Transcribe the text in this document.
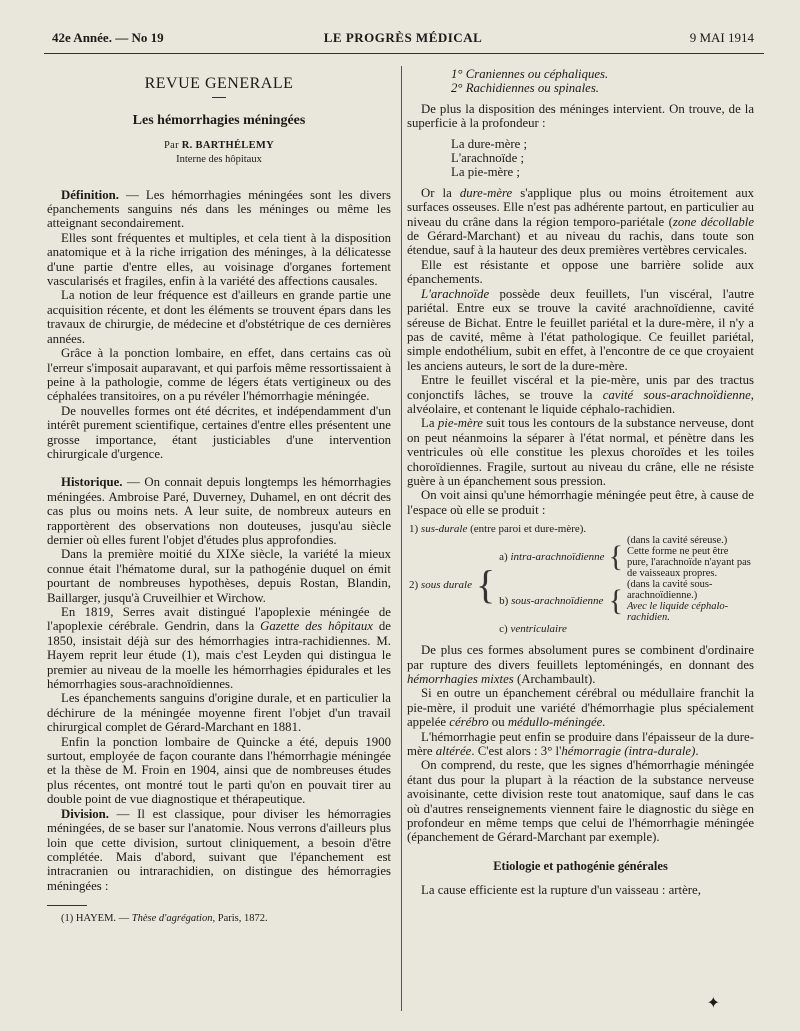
42e Année. — No 19	LE PROGRÈS MÉDICAL	9 MAI 1914
REVUE GENERALE
Les hémorrhagies méningées
Par R. BARTHÉLEMY
Interne des hôpitaux

Définition. — Les hémorrhagies méningées sont les divers épanchements sanguins nés dans les méninges ou même les atteignant secondairement.

Elles sont fréquentes et multiples, et cela tient à la disposition anatomique et à la riche irrigation des méninges, à la délicatesse d'une partie d'entre elles, au voisinage d'organes fortement vascularisés et fragiles, enfin à la variété des affections causales.

La notion de leur fréquence est d'ailleurs en grande partie une acquisition récente, et dont les éléments se trouvent épars dans les travaux de chirurgie, de médecine et d'obstétrique de ces dernières années.

Grâce à la ponction lombaire, en effet, dans certains cas où l'erreur s'imposait auparavant, et qui parfois même ressortissaient à peine à la pathologie, comme de légers états vertigineux ou des céphalées transitoires, on a pu révéler l'hémorrhagie méningée.

De nouvelles formes ont été décrites, et indépendamment d'un intérêt purement scientifique, certaines d'entre elles présentent une grosse importance, étant justiciables d'une intervention chirurgicale d'urgence.

Historique. — On connait depuis longtemps les hémorrhagies méningées. Ambroise Paré, Duverney, Duhamel, en ont décrit des cas plus ou moins nets. A leur suite, de nombreux auteurs en rapportèrent des observations non douteuses, jusqu'au siècle dernier où elles furent l'objet d'études plus approfondies.

Dans la première moitié du XIXe siècle, la variété la mieux connue était l'hématome dural, sur la pathogénie duquel on émit pourtant de nombreuses hypothèses, depuis Rostan, Blandin, Baillarger, jusqu'à Cruveilhier et Wirchow.

En 1819, Serres avait distingué l'apoplexie méningée de l'apoplexie cérébrale. Gendrin, dans la Gazette des hôpitaux de 1850, insistait déjà sur des hémorrhagies intra-rachidiennes. M. Hayem reprit leur étude (1), mais c'est Leyden qui distingua le premier au niveau de la moelle les hémorrhagies épidurales et les hémorrhagies sous-arachnoïdiennes.

Les épanchements sanguins d'origine durale, et en particulier la déchirure de la méningée moyenne firent l'objet d'un travail chirurgical complet de Gérard-Marchant en 1881.

Enfin la ponction lombaire de Quincke a été, depuis 1900 surtout, employée de façon courante dans l'hémorrhagie méningée et la thèse de M. Froin en 1904, ainsi que de nombreuses études plus récentes, ont montré tout le parti qu'on en pouvait tirer au double point de vue diagnostique et thérapeutique.

Division. — Il est classique, pour diviser les hémorragies méningées, de se baser sur l'anatomie. Nous verrons d'ailleurs plus loin que cette division, surtout cliniquement, a besoin d'être complétée. Mais d'abord, suivant que l'épanchement est intracranien ou intrarachidien, on distingue des hémorragies méningées :

(1) HAYEM. — Thèse d'agrégation, Paris, 1872.

1° Craniennes ou céphaliques.
2° Rachidiennes ou spinales.

De plus la disposition des méninges intervient. On trouve, de la superficie à la profondeur :

La dure-mère ;
L'arachnoïde ;
La pie-mère ;

Or la dure-mère s'applique plus ou moins étroitement aux surfaces osseuses. Elle n'est pas adhérente partout, en particulier au niveau du crâne dans la région temporo-pariétale (zone décollable de Gérard-Marchant) et au niveau du rachis, dans toute son étendue, sauf à la hauteur des deux premières vertèbres cervicales.

Elle est résistante et oppose une barrière solide aux épanchements.

L'arachnoïde possède deux feuillets, l'un viscéral, l'autre pariétal. Entre eux se trouve la cavité arachnoïdienne, cavité séreuse de Bichat. Entre le feuillet pariétal et la dure-mère, il n'y a pas de cavité, même à l'état pathologique. Ce feuillet pariétal, simple endothélium, subit en effet, à l'encontre de ce que croyaient les anciens auteurs, le sort de la dure-mère.

Entre le feuillet viscéral et la pie-mère, unis par des tractus conjonctifs lâches, se trouve la cavité sous-arachnoïdienne, alvéolaire, et contenant le liquide céphalo-rachidien.

La pie-mère suit tous les contours de la substance nerveuse, dont on peut néanmoins la séparer à l'état normal, et pénètre dans les ventricules où elle constitue les plexus choroïdes et les toiles choroïdiennes. Fragile, surtout au niveau du crâne, elle ne résiste guère à un épanchement sous pression.

On voit ainsi qu'une hémorrhagie méningée peut être, à cause de l'espace où elle se produit :

1) sus-durale (entre paroi et dure-mère).				
2) sous durale	{	a) intra-arachnoïdienne	{	(dans la cavité séreuse.)
Cette forme ne peut être pure, l'arachnoïde n'ayant pas de vaisseaux propres.
		b) sous-arachnoïdienne	{	(dans la cavité sous-arachnoïdienne.)
Avec le liquide céphalo-rachidien.
		c) ventriculaire		

De plus ces formes absolument pures se combinent d'ordinaire par rupture des divers feuillets leptoméningés, en donnant des hémorrhagies mixtes (Archambault).

Si en outre un épanchement cérébral ou médullaire franchit la pie-mère, il produit une variété d'hémorrhagie plus spécialement appelée cérébro ou médullo-méningée.

L'hémorrhagie peut enfin se produire dans l'épaisseur de la dure-mère altérée. C'est alors : 3° l'hémorragie (intra-durale).

On comprend, du reste, que les signes d'hémorrhagie méningée étant dus pour la plupart à la réaction de la substance nerveuse avoisinante, cette division reste tout anatomique, sauf dans le cas où d'autres renseignements viennent faire le diagnostic du siège en profondeur en même temps que celui de l'hémorrhagie méningée (épanchement de Gérard-Marchant par exemple).

Etiologie et pathogénie générales

La cause efficiente est la rupture d'un vaisseau : artère,

✦
